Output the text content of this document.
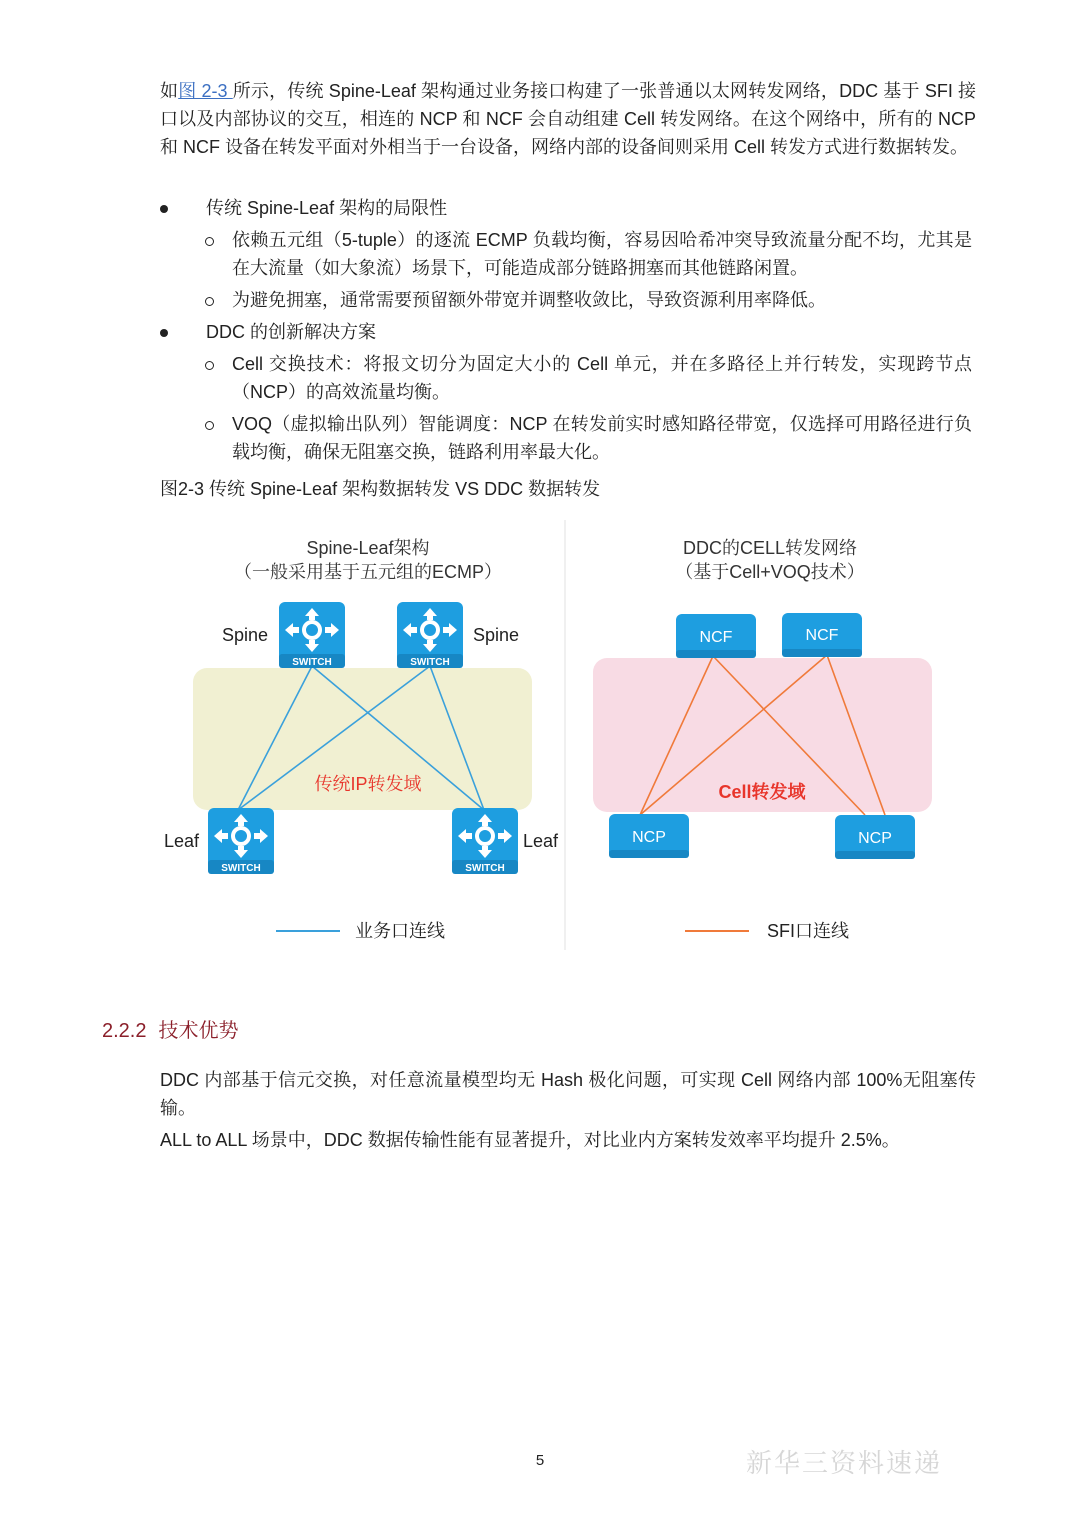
如图 2-3 所示，传统 Spine-Leaf 架构通过业务接口构建了一张普通以太网转发网络，DDC 基于 SFI 接口以及内部协议的交互，相连的 NCP 和 NCF 会自动组建 Cell 转发网络。在这个网络中，所有的 NCP 和 NCF 设备在转发平面对外相当于一台设备，网络内部的设备间则采用 Cell 转发方式进行数据转发。

传统 Spine-Leaf 架构的局限性

依赖五元组（5-tuple）的逐流 ECMP 负载均衡，容易因哈希冲突导致流量分配不均，尤其是在大流量（如大象流）场景下，可能造成部分链路拥塞而其他链路闲置。

为避免拥塞，通常需要预留额外带宽并调整收敛比，导致资源利用率降低。

DDC 的创新解决方案

Cell 交换技术：将报文切分为固定大小的 Cell 单元，并在多路径上并行转发，实现跨节点（NCP）的高效流量均衡。

VOQ（虚拟输出队列）智能调度：NCP 在转发前实时感知路径带宽，仅选择可用路径进行负载均衡，确保无阻塞交换，链路利用率最大化。

图2-3 传统 Spine-Leaf 架构数据转发 VS DDC 数据转发
Spine-Leaf架构
（一般采用基于五元组的ECMP）
传统IP转发域
SWITCH	SWITCH
SWITCH	SWITCH
Spine	Spine
Leaf	Leaf
业务口连线
DDC的CELL转发网络
（基于Cell+VOQ技术）
Cell转发域
NCF	NCF
NCP	NCP
SFI口连线
2.2.2 技术优势

DDC 内部基于信元交换，对任意流量模型均无 Hash 极化问题，可实现 Cell 网络内部 100%无阻塞传输。

ALL to ALL 场景中，DDC 数据传输性能有显著提升，对比业内方案转发效率平均提升 2.5%。

5	新华三资料速递
